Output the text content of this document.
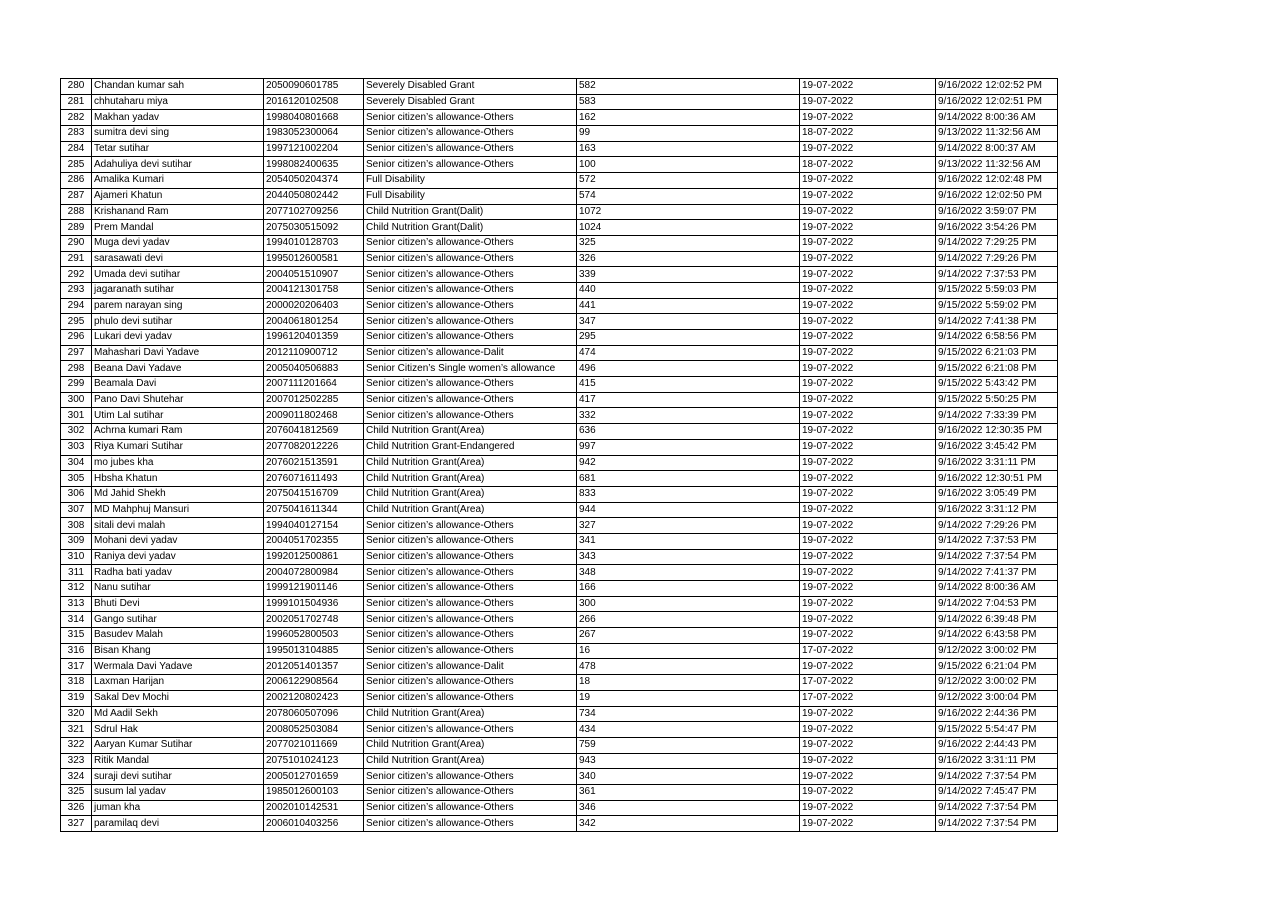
280	Chandan kumar sah	2050090601785	Severely Disabled Grant	582	19-07-2022	9/16/2022 12:02:52 PM
281	chhutaharu miya	2016120102508	Severely Disabled Grant	583	19-07-2022	9/16/2022 12:02:51 PM
282	Makhan yadav	1998040801668	Senior citizen’s allowance-Others	162	19-07-2022	9/14/2022 8:00:36 AM
283	sumitra devi sing	1983052300064	Senior citizen’s allowance-Others	99	18-07-2022	9/13/2022 11:32:56 AM
284	Tetar sutihar	1997121002204	Senior citizen’s allowance-Others	163	19-07-2022	9/14/2022 8:00:37 AM
285	Adahuliya devi sutihar	1998082400635	Senior citizen’s allowance-Others	100	18-07-2022	9/13/2022 11:32:56 AM
286	Amalika Kumari	2054050204374	Full Disability	572	19-07-2022	9/16/2022 12:02:48 PM
287	Ajameri Khatun	2044050802442	Full Disability	574	19-07-2022	9/16/2022 12:02:50 PM
288	Krishanand Ram	2077102709256	Child Nutrition Grant(Dalit)	1072	19-07-2022	9/16/2022 3:59:07 PM
289	Prem Mandal	2075030515092	Child Nutrition Grant(Dalit)	1024	19-07-2022	9/16/2022 3:54:26 PM
290	Muga devi yadav	1994010128703	Senior citizen’s allowance-Others	325	19-07-2022	9/14/2022 7:29:25 PM
291	sarasawati devi	1995012600581	Senior citizen’s allowance-Others	326	19-07-2022	9/14/2022 7:29:26 PM
292	Umada devi sutihar	2004051510907	Senior citizen’s allowance-Others	339	19-07-2022	9/14/2022 7:37:53 PM
293	jagaranath sutihar	2004121301758	Senior citizen’s allowance-Others	440	19-07-2022	9/15/2022 5:59:03 PM
294	parem narayan sing	2000020206403	Senior citizen’s allowance-Others	441	19-07-2022	9/15/2022 5:59:02 PM
295	phulo devi sutihar	2004061801254	Senior citizen’s allowance-Others	347	19-07-2022	9/14/2022 7:41:38 PM
296	Lukari devi yadav	1996120401359	Senior citizen’s allowance-Others	295	19-07-2022	9/14/2022 6:58:56 PM
297	Mahashari Davi Yadave	2012110900712	Senior citizen’s allowance-Dalit	474	19-07-2022	9/15/2022 6:21:03 PM
298	Beana Davi Yadave	2005040506883	Senior Citizen’s Single women’s allowance	496	19-07-2022	9/15/2022 6:21:08 PM
299	Beamala Davi	2007111201664	Senior citizen’s allowance-Others	415	19-07-2022	9/15/2022 5:43:42 PM
300	Pano Davi Shutehar	2007012502285	Senior citizen’s allowance-Others	417	19-07-2022	9/15/2022 5:50:25 PM
301	Utim Lal sutihar	2009011802468	Senior citizen’s allowance-Others	332	19-07-2022	9/14/2022 7:33:39 PM
302	Achrna kumari Ram	2076041812569	Child Nutrition Grant(Area)	636	19-07-2022	9/16/2022 12:30:35 PM
303	Riya Kumari Sutihar	2077082012226	Child Nutrition Grant-Endangered	997	19-07-2022	9/16/2022 3:45:42 PM
304	mo jubes kha	2076021513591	Child Nutrition Grant(Area)	942	19-07-2022	9/16/2022 3:31:11 PM
305	Hbsha Khatun	2076071611493	Child Nutrition Grant(Area)	681	19-07-2022	9/16/2022 12:30:51 PM
306	Md Jahid Shekh	2075041516709	Child Nutrition Grant(Area)	833	19-07-2022	9/16/2022 3:05:49 PM
307	MD Mahphuj Mansuri	2075041611344	Child Nutrition Grant(Area)	944	19-07-2022	9/16/2022 3:31:12 PM
308	sitali devi malah	1994040127154	Senior citizen’s allowance-Others	327	19-07-2022	9/14/2022 7:29:26 PM
309	Mohani devi yadav	2004051702355	Senior citizen’s allowance-Others	341	19-07-2022	9/14/2022 7:37:53 PM
310	Raniya devi yadav	1992012500861	Senior citizen’s allowance-Others	343	19-07-2022	9/14/2022 7:37:54 PM
311	Radha bati yadav	2004072800984	Senior citizen’s allowance-Others	348	19-07-2022	9/14/2022 7:41:37 PM
312	Nanu sutihar	1999121901146	Senior citizen’s allowance-Others	166	19-07-2022	9/14/2022 8:00:36 AM
313	Bhuti Devi	1999101504936	Senior citizen’s allowance-Others	300	19-07-2022	9/14/2022 7:04:53 PM
314	Gango sutihar	2002051702748	Senior citizen’s allowance-Others	266	19-07-2022	9/14/2022 6:39:48 PM
315	Basudev Malah	1996052800503	Senior citizen’s allowance-Others	267	19-07-2022	9/14/2022 6:43:58 PM
316	Bisan Khang	1995013104885	Senior citizen’s allowance-Others	16	17-07-2022	9/12/2022 3:00:02 PM
317	Wermala Davi Yadave	2012051401357	Senior citizen’s allowance-Dalit	478	19-07-2022	9/15/2022 6:21:04 PM
318	Laxman Harijan	2006122908564	Senior citizen’s allowance-Others	18	17-07-2022	9/12/2022 3:00:02 PM
319	Sakal Dev Mochi	2002120802423	Senior citizen’s allowance-Others	19	17-07-2022	9/12/2022 3:00:04 PM
320	Md Aadil Sekh	2078060507096	Child Nutrition Grant(Area)	734	19-07-2022	9/16/2022 2:44:36 PM
321	Sdrul Hak	2008052503084	Senior citizen’s allowance-Others	434	19-07-2022	9/15/2022 5:54:47 PM
322	Aaryan Kumar Sutihar	2077021011669	Child Nutrition Grant(Area)	759	19-07-2022	9/16/2022 2:44:43 PM
323	Ritik Mandal	2075101024123	Child Nutrition Grant(Area)	943	19-07-2022	9/16/2022 3:31:11 PM
324	suraji devi sutihar	2005012701659	Senior citizen’s allowance-Others	340	19-07-2022	9/14/2022 7:37:54 PM
325	susum lal yadav	1985012600103	Senior citizen’s allowance-Others	361	19-07-2022	9/14/2022 7:45:47 PM
326	juman kha	2002010142531	Senior citizen’s allowance-Others	346	19-07-2022	9/14/2022 7:37:54 PM
327	paramilaq devi	2006010403256	Senior citizen’s allowance-Others	342	19-07-2022	9/14/2022 7:37:54 PM
